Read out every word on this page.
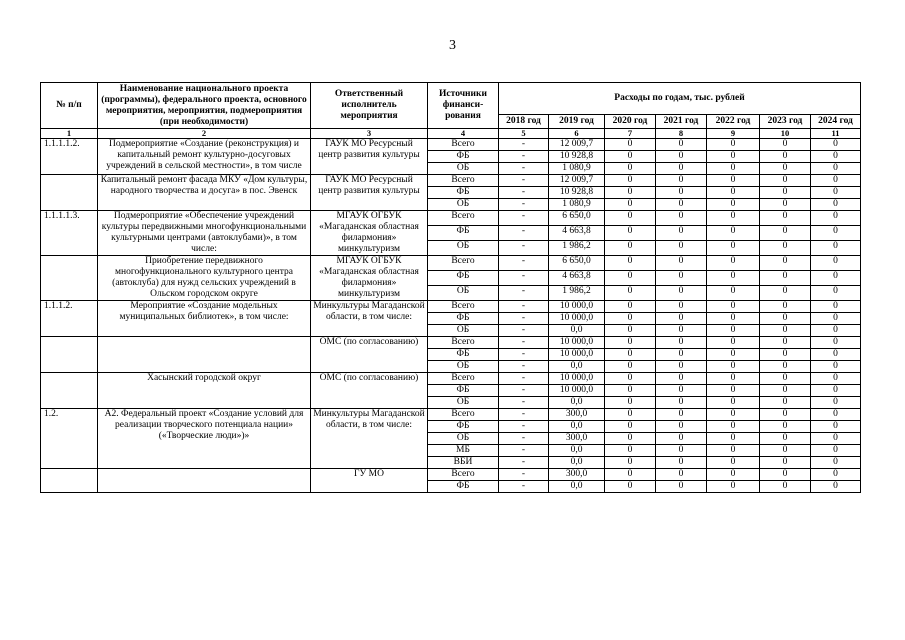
3
№ п/п	Наименование национального проекта (программы), федерального проекта, основного мероприятия, мероприятия, подмероприятия (при необходимости)	Ответственный исполнитель мероприятия	Источники финанси-рования	Расходы по годам, тыс. рублей						
				2018 год	2019 год	2020 год	2021 год	2022 год	2023 год	2024 год
1	2	3	4	5	6	7	8	9	10	11
1.1.1.1.2.	Подмероприятие «Создание (реконструкция) и капитальный ремонт культурно-досуговых учреждений в сельской местности», в том числе	ГАУК МО Ресурсный центр развития культуры	Всего	-	12 009,7	0	0	0	0	0
			ФБ	-	10 928,8	0	0	0	0	0
			ОБ	-	1 080,9	0	0	0	0	0
	Капитальный ремонт фасада МКУ «Дом культуры, народного творчества и досуга» в пос. Эвенск	ГАУК МО Ресурсный центр развития культуры	Всего	-	12 009,7	0	0	0	0	0
			ФБ	-	10 928,8	0	0	0	0	0
			ОБ	-	1 080,9	0	0	0	0	0
1.1.1.1.3.	Подмероприятие «Обеспечение учреждений культуры передвижными многофункциональными культурными центрами (автоклубами)», в том числе:	МГАУК ОГБУК «Магаданская областная филармония» минкультуризм	Всего	-	6 650,0	0	0	0	0	0
			ФБ	-	4 663,8	0	0	0	0	0
			ОБ	-	1 986,2	0	0	0	0	0
	Приобретение передвижного многофункционального культурного центра (автоклуба) для нужд сельских учреждений в Ольском городском округе	МГАУК ОГБУК «Магаданская областная филармония» минкультуризм	Всего	-	6 650,0	0	0	0	0	0
			ФБ	-	4 663,8	0	0	0	0	0
			ОБ	-	1 986,2	0	0	0	0	0
1.1.1.2.	Мероприятие «Создание модельных муниципальных библиотек», в том числе:	Минкультуры Магаданской области, в том числе:	Всего	-	10 000,0	0	0	0	0	0
			ФБ	-	10 000,0	0	0	0	0	0
			ОБ	-	0,0	0	0	0	0	0
		ОМС (по согласованию)	Всего	-	10 000,0	0	0	0	0	0
			ФБ	-	10 000,0	0	0	0	0	0
			ОБ	-	0,0	0	0	0	0	0
	Хасынский городской округ	ОМС (по согласованию)	Всего	-	10 000,0	0	0	0	0	0
			ФБ	-	10 000,0	0	0	0	0	0
			ОБ	-	0,0	0	0	0	0	0
1.2.	А2. Федеральный проект «Создание условий для реализации творческого потенциала нации» («Творческие люди»)»	Минкультуры Магаданской области, в том числе:	Всего	-	300,0	0	0	0	0	0
			ФБ	-	0,0	0	0	0	0	0
			ОБ	-	300,0	0	0	0	0	0
			МБ	-	0,0	0	0	0	0	0
			ВБИ	-	0,0	0	0	0	0	0
		ГУ МО	Всего	-	300,0	0	0	0	0	0
			ФБ	-	0,0	0	0	0	0	0
